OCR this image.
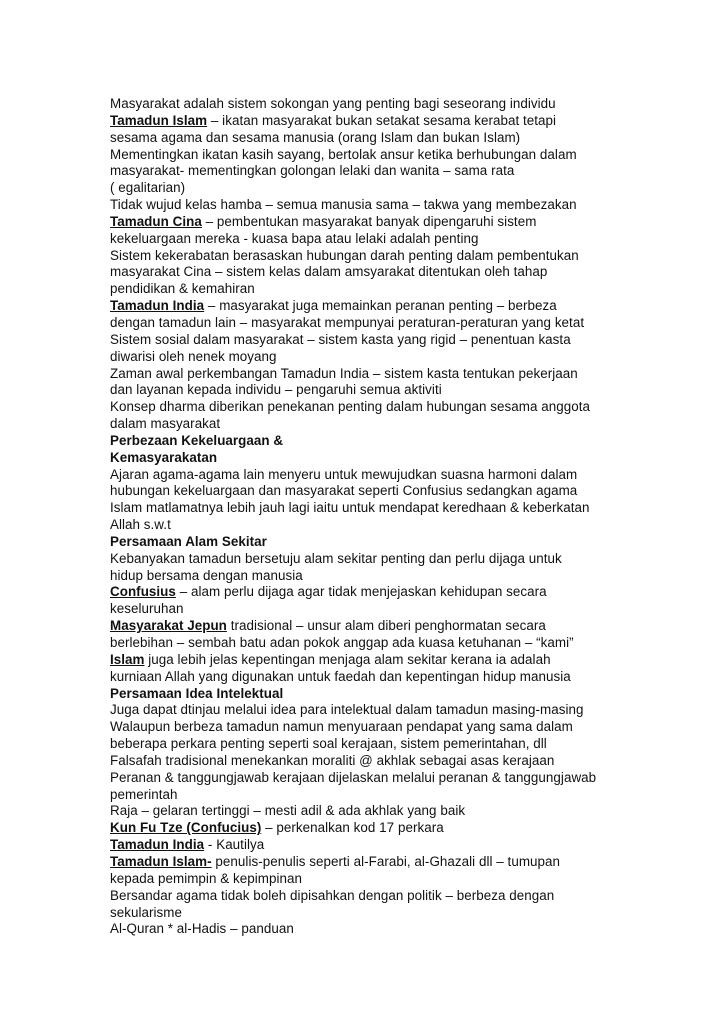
Masyarakat adalah sistem sokongan yang penting bagi seseorang individu
Tamadun Islam – ikatan masyarakat bukan setakat sesama kerabat tetapi
sesama agama dan sesama manusia (orang Islam dan bukan Islam)
Mementingkan ikatan kasih sayang, bertolak ansur ketika berhubungan dalam
masyarakat- mementingkan golongan lelaki dan wanita – sama rata
( egalitarian)
Tidak wujud kelas hamba – semua manusia sama – takwa yang membezakan
Tamadun Cina – pembentukan masyarakat banyak dipengaruhi sistem
kekeluargaan mereka - kuasa bapa atau lelaki adalah penting
Sistem kekerabatan berasaskan hubungan darah penting dalam pembentukan
masyarakat Cina – sistem kelas dalam amsyarakat ditentukan oleh tahap
pendidikan & kemahiran
Tamadun India – masyarakat juga memainkan peranan penting – berbeza
dengan tamadun lain – masyarakat mempunyai peraturan-peraturan yang ketat
Sistem sosial dalam masyarakat – sistem kasta yang rigid – penentuan kasta
diwarisi oleh nenek moyang
Zaman awal perkembangan Tamadun India – sistem kasta tentukan pekerjaan
dan layanan kepada individu – pengaruhi semua aktiviti
Konsep dharma diberikan penekanan penting dalam hubungan sesama anggota
dalam masyarakat
Perbezaan Kekeluargaan &
Kemasyarakatan
Ajaran agama-agama lain menyeru untuk mewujudkan suasna harmoni dalam
hubungan kekeluargaan dan masyarakat seperti Confusius sedangkan agama
Islam matlamatnya lebih jauh lagi iaitu untuk mendapat keredhaan & keberkatan
Allah s.w.t
Persamaan Alam Sekitar
Kebanyakan tamadun bersetuju alam sekitar penting dan perlu dijaga untuk
hidup bersama dengan manusia
Confusius – alam perlu dijaga agar tidak menjejaskan kehidupan secara
keseluruhan
Masyarakat Jepun tradisional – unsur alam diberi penghormatan secara
berlebihan – sembah batu adan pokok anggap ada kuasa ketuhanan – “kami”
Islam juga lebih jelas kepentingan menjaga alam sekitar kerana ia adalah
kurniaan Allah yang digunakan untuk faedah dan kepentingan hidup manusia
Persamaan Idea Intelektual
Juga dapat dtinjau melalui idea para intelektual dalam tamadun masing-masing
Walaupun berbeza tamadun namun menyuaraan pendapat yang sama dalam
beberapa perkara penting seperti soal kerajaan, sistem pemerintahan, dll
Falsafah tradisional menekankan moraliti @ akhlak sebagai asas kerajaan
Peranan & tanggungjawab kerajaan dijelaskan melalui peranan & tanggungjawab
pemerintah
Raja – gelaran tertinggi – mesti adil & ada akhlak yang baik
Kun Fu Tze (Confucius) – perkenalkan kod 17 perkara
Tamadun India - Kautilya
Tamadun Islam- penulis-penulis seperti al-Farabi, al-Ghazali dll – tumupan
kepada pemimpin & kepimpinan
Bersandar agama tidak boleh dipisahkan dengan politik – berbeza dengan
sekularisme
Al-Quran * al-Hadis – panduan
